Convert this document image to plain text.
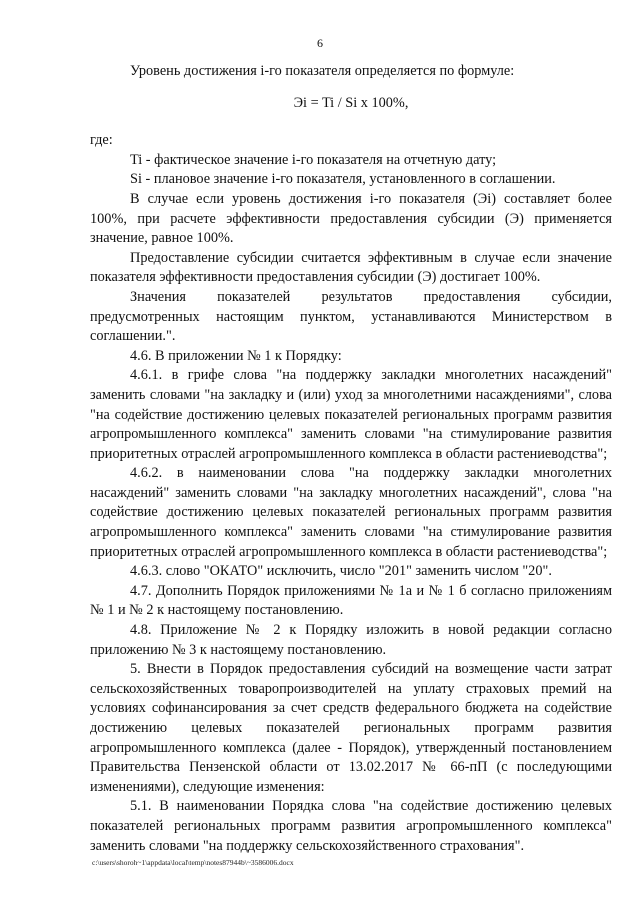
6

Уровень достижения i-го показателя определяется по формуле:

Эi = Ti / Si x 100%,

где:

Ti - фактическое значение i-го показателя на отчетную дату;

Si - плановое значение i-го показателя, установленного в соглашении.

В случае если уровень достижения i-го показателя (Эi) составляет более 100%, при расчете эффективности предоставления субсидии (Э) применяется значение, равное 100%.

Предоставление субсидии считается эффективным в случае если значение показателя эффективности предоставления субсидии (Э) достигает 100%.

Значения показателей результатов предоставления субсидии, предусмотренных настоящим пунктом, устанавливаются Министерством в соглашении.".

4.6. В приложении № 1 к Порядку:

4.6.1. в грифе слова "на поддержку закладки многолетних насаждений" заменить словами "на закладку и (или) уход за многолетними насаждениями", слова "на содействие достижению целевых показателей региональных программ развития агропромышленного комплекса" заменить словами "на стимулирование развития приоритетных отраслей агропромышленного комплекса в области растениеводства";

4.6.2. в наименовании слова "на поддержку закладки многолетних насаждений" заменить словами "на закладку многолетних насаждений", слова "на содействие достижению целевых показателей региональных программ развития агропромышленного комплекса" заменить словами "на стимулирование развития приоритетных отраслей агропромышленного комплекса в области растениеводства";

4.6.3. слово "ОКАТО" исключить, число "201" заменить числом "20".

4.7. Дополнить Порядок приложениями № 1а и № 1 б согласно приложениям № 1 и № 2 к настоящему постановлению.

4.8. Приложение № 2 к Порядку изложить в новой редакции согласно приложению № 3 к настоящему постановлению.

5. Внести в Порядок предоставления субсидий на возмещение части затрат сельскохозяйственных товаропроизводителей на уплату страховых премий на условиях софинансирования за счет средств федерального бюджета на содействие достижению целевых показателей региональных программ развития агропромышленного комплекса (далее - Порядок), утвержденный постановлением Правительства Пензенской области от 13.02.2017 № 66-пП (с последующими изменениями), следующие изменения:

5.1. В наименовании Порядка слова "на содействие достижению целевых показателей региональных программ развития агропромышленного комплекса" заменить словами "на поддержку сельскохозяйственного страхования".

c:\users\shoroh~1\appdata\local\temp\notes87944b\~3586006.docx
